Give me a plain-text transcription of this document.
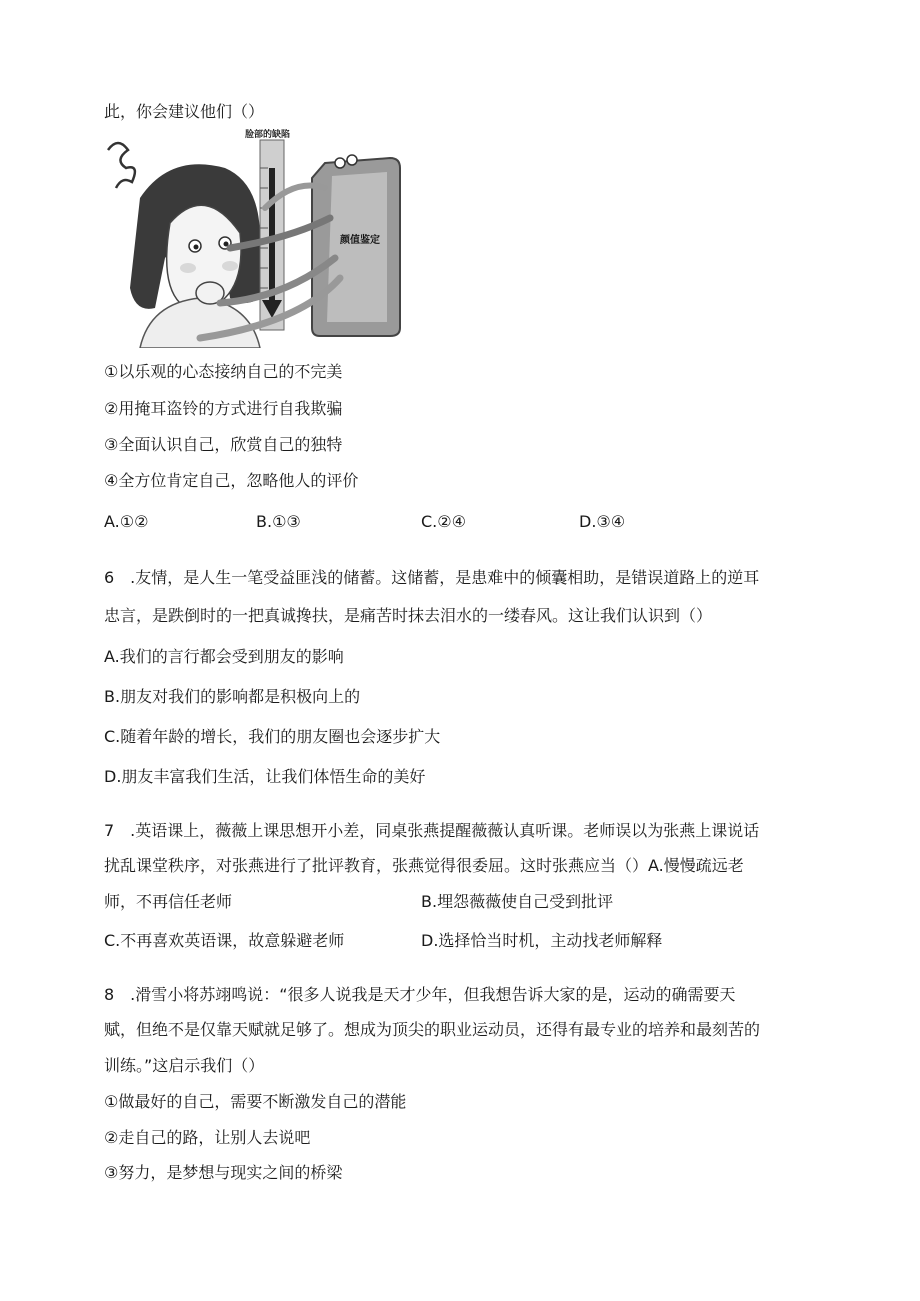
此，你会建议他们（）
脸部的缺陷
颜值鉴定
①以乐观的心态接纳自己的不完美
②用掩耳盗铃的方式进行自我欺骗
③全面认识自己，欣赏自己的独特
④全方位肯定自己，忽略他人的评价
A.①②	B.①③	C.②④	D.③④
6　.友情，是人生一笔受益匪浅的储蓄。这储蓄，是患难中的倾囊相助，是错误道路上的逆耳
忠言，是跌倒时的一把真诚搀扶，是痛苦时抹去泪水的一缕春风。这让我们认识到（）
A.我们的言行都会受到朋友的影响
B.朋友对我们的影响都是积极向上的
C.随着年龄的增长，我们的朋友圈也会逐步扩大
D.朋友丰富我们生活，让我们体悟生命的美好
7　.英语课上，薇薇上课思想开小差，同桌张燕提醒薇薇认真听课。老师误以为张燕上课说话
扰乱课堂秩序，对张燕进行了批评教育，张燕觉得很委屈。这时张燕应当（）A.慢慢疏远老
师，不再信任老师	B.埋怨薇薇使自己受到批评
C.不再喜欢英语课，故意躲避老师	D.选择恰当时机，主动找老师解释
8　.滑雪小将苏翊鸣说：“很多人说我是天才少年，但我想告诉大家的是，运动的确需要天
赋，但绝不是仅靠天赋就足够了。想成为顶尖的职业运动员，还得有最专业的培养和最刻苦的
训练。”这启示我们（）
①做最好的自己，需要不断激发自己的潜能
②走自己的路，让别人去说吧
③努力，是梦想与现实之间的桥梁
